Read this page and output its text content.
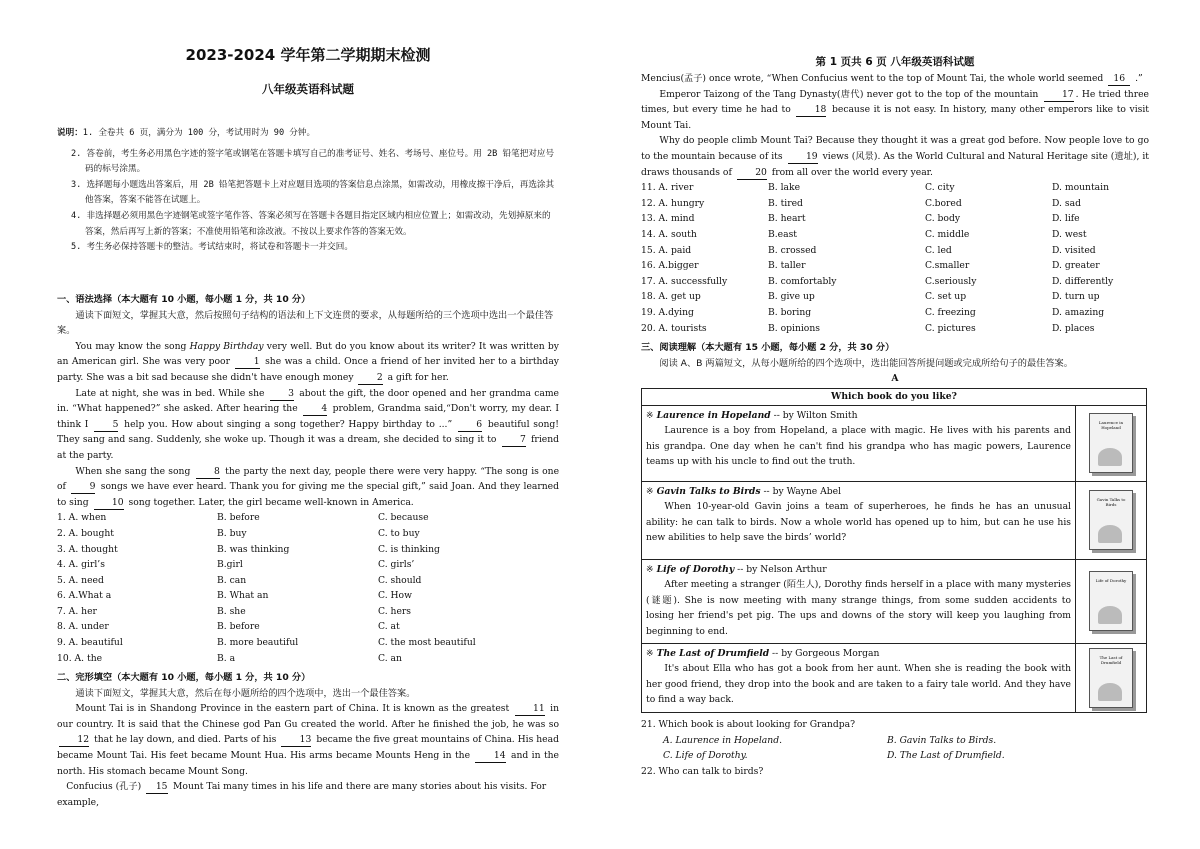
2023-2024 学年第二学期期末检测
八年级英语科试题

说明：1. 全卷共 6 页，满分为 100 分，考试用时为 90 分钟。

2. 答卷前，考生务必用黑色字迹的签字笔或钢笔在答题卡填写自己的准考证号、姓名、考场号、座位号。用 2B 铅笔把对应号码的标号涂黑。

3. 选择题每小题选出答案后，用 2B 铅笔把答题卡上对应题目选项的答案信息点涂黑，如需改动，用橡皮擦干净后，再选涂其他答案，答案不能答在试题上。

4. 非选择题必须用黑色字迹钢笔或签字笔作答、答案必须写在答题卡各题目指定区域内相应位置上；如需改动，先划掉原来的答案，然后再写上新的答案；不准使用铅笔和涂改液。不按以上要求作答的答案无效。

5. 考生务必保持答题卡的整洁。考试结束时，将试卷和答题卡一并交回。

一、语法选择（本大题有 10 小题，每小题 1 分，共 10 分）

通读下面短文，掌握其大意，然后按照句子结构的语法和上下文连贯的要求，从每题所给的三个选项中选出一个最佳答案。

You may know the song Happy Birthday very well. But do you know about its writer? It was written by an American girl. She was very poor 1 she was a child. Once a friend of her invited her to a birthday party. She was a bit sad because she didn't have enough money 2 a gift for her.

Late at night, she was in bed. While she 3 about the gift, the door opened and her grandma came in. “What happened?” she asked. After hearing the 4 problem, Grandma said,“Don't worry, my dear. I think I 5 help you. How about singing a song together? Happy birthday to ...” 6 beautiful song! They sang and sang. Suddenly, she woke up. Though it was a dream, she decided to sing it to 7 friend at the party.

When she sang the song 8 the party the next day, people there were very happy. “The song is one of 9 songs we have ever heard. Thank you for giving me the special gift,” said Joan. And they learned to sing 10 song together. Later, the girl became well-known in America.

1. A. when	B. before	C. because
2. A. bought	B. buy	C. to buy
3. A. thought	B. was thinking	C. is thinking
4. A. girl’s	B.girl	C. girls’
5. A. need	B. can	C. should
6. A.What a	B. What an	C. How
7. A. her	B. she	C. hers
8. A. under	B. before	C. at
9. A. beautiful	B. more beautiful	C. the most beautiful
10. A. the	B. a	C. an

二、完形填空（本大题有 10 小题，每小题 1 分，共 10 分）

通读下面短文，掌握其大意，然后在每小题所给的四个选项中，选出一个最佳答案。

Mount Tai is in Shandong Province in the eastern part of China. It is known as the greatest 11 in our country. It is said that the Chinese god Pan Gu created the world. After he finished the job, he was so 12 that he lay down, and died. Parts of his 13 became the five great mountains of China. His head became Mount Tai. His feet became Mount Hua. His arms became Mounts Heng in the 14 and in the north. His stomach became Mount Song.

Confucius (孔子) 15 Mount Tai many times in his life and there are many stories about his visits. For example,

第 1 页共 6 页 八年级英语科试题

Mencius(孟子) once wrote, “When Confucius went to the top of Mount Tai, the whole world seemed 16 .”

Emperor Taizong of the Tang Dynasty(唐代) never got to the top of the mountain 17 . He tried three times, but every time he had to 18 because it is not easy. In history, many other emperors like to visit Mount Tai.

Why do people climb Mount Tai? Because they thought it was a great god before. Now people love to go to the mountain because of its 19 views (风景). As the World Cultural and Natural Heritage site (遗址), it draws thousands of 20 from all over the world every year.

11. A. river	B. lake	C. city	D. mountain
12. A. hungry	B. tired	C.bored	D. sad
13. A. mind	B. heart	C. body	D. life
14. A. south	B.east	C. middle	D. west
15. A. paid	B. crossed	C. led	D. visited
16. A.bigger	B. taller	C.smaller	D. greater
17. A. successfully	B. comfortably	C.seriously	D. differently
18. A. get up	B. give up	C. set up	D. turn up
19. A.dying	B. boring	C. freezing	D. amazing
20. A. tourists	B. opinions	C. pictures	D. places

三、阅读理解（本大题有 15 小题，每小题 2 分，共 30 分）

阅读 A、B 两篇短文，从每小题所给的四个选项中，选出能回答所提问题或完成所给句子的最佳答案。

A

Which book do you like?	

※ Laurence in Hopeland -- by Wilton Smith

Laurence is a boy from Hopeland, a place with magic. He lives with his parents and his grandpa. One day when he can't find his grandpa who has magic powers, Laurence teams up with his uncle to find out the truth.	Laurence in Hopeland

※ Gavin Talks to Birds -- by Wayne Abel

When 10-year-old Gavin joins a team of superheroes, he finds he has an unusual ability: he can talk to birds. Now a whole world has opened up to him, but can he use his new abilities to help save the birds’ world?	Gavin Talks to Birds

※ Life of Dorothy -- by Nelson Arthur

After meeting a stranger (陌生人), Dorothy finds herself in a place with many mysteries (谜题). She is now meeting with many strange things, from some sudden accidents to losing her friend's pet pig. The ups and downs of the story will keep you laughing from beginning to end.	Life of Dorothy

※ The Last of Drumfield -- by Gorgeous Morgan

It's about Ella who has got a book from her aunt. When she is reading the book with her good friend, they drop into the book and are taken to a fairy tale world. And they have to find a way back.	The Last of Drumfield

21. Which book is about looking for Grandpa?

A. Laurence in Hopeland.	B. Gavin Talks to Birds.
C. Life of Dorothy.	D. The Last of Drumfield.

22. Who can talk to birds?
